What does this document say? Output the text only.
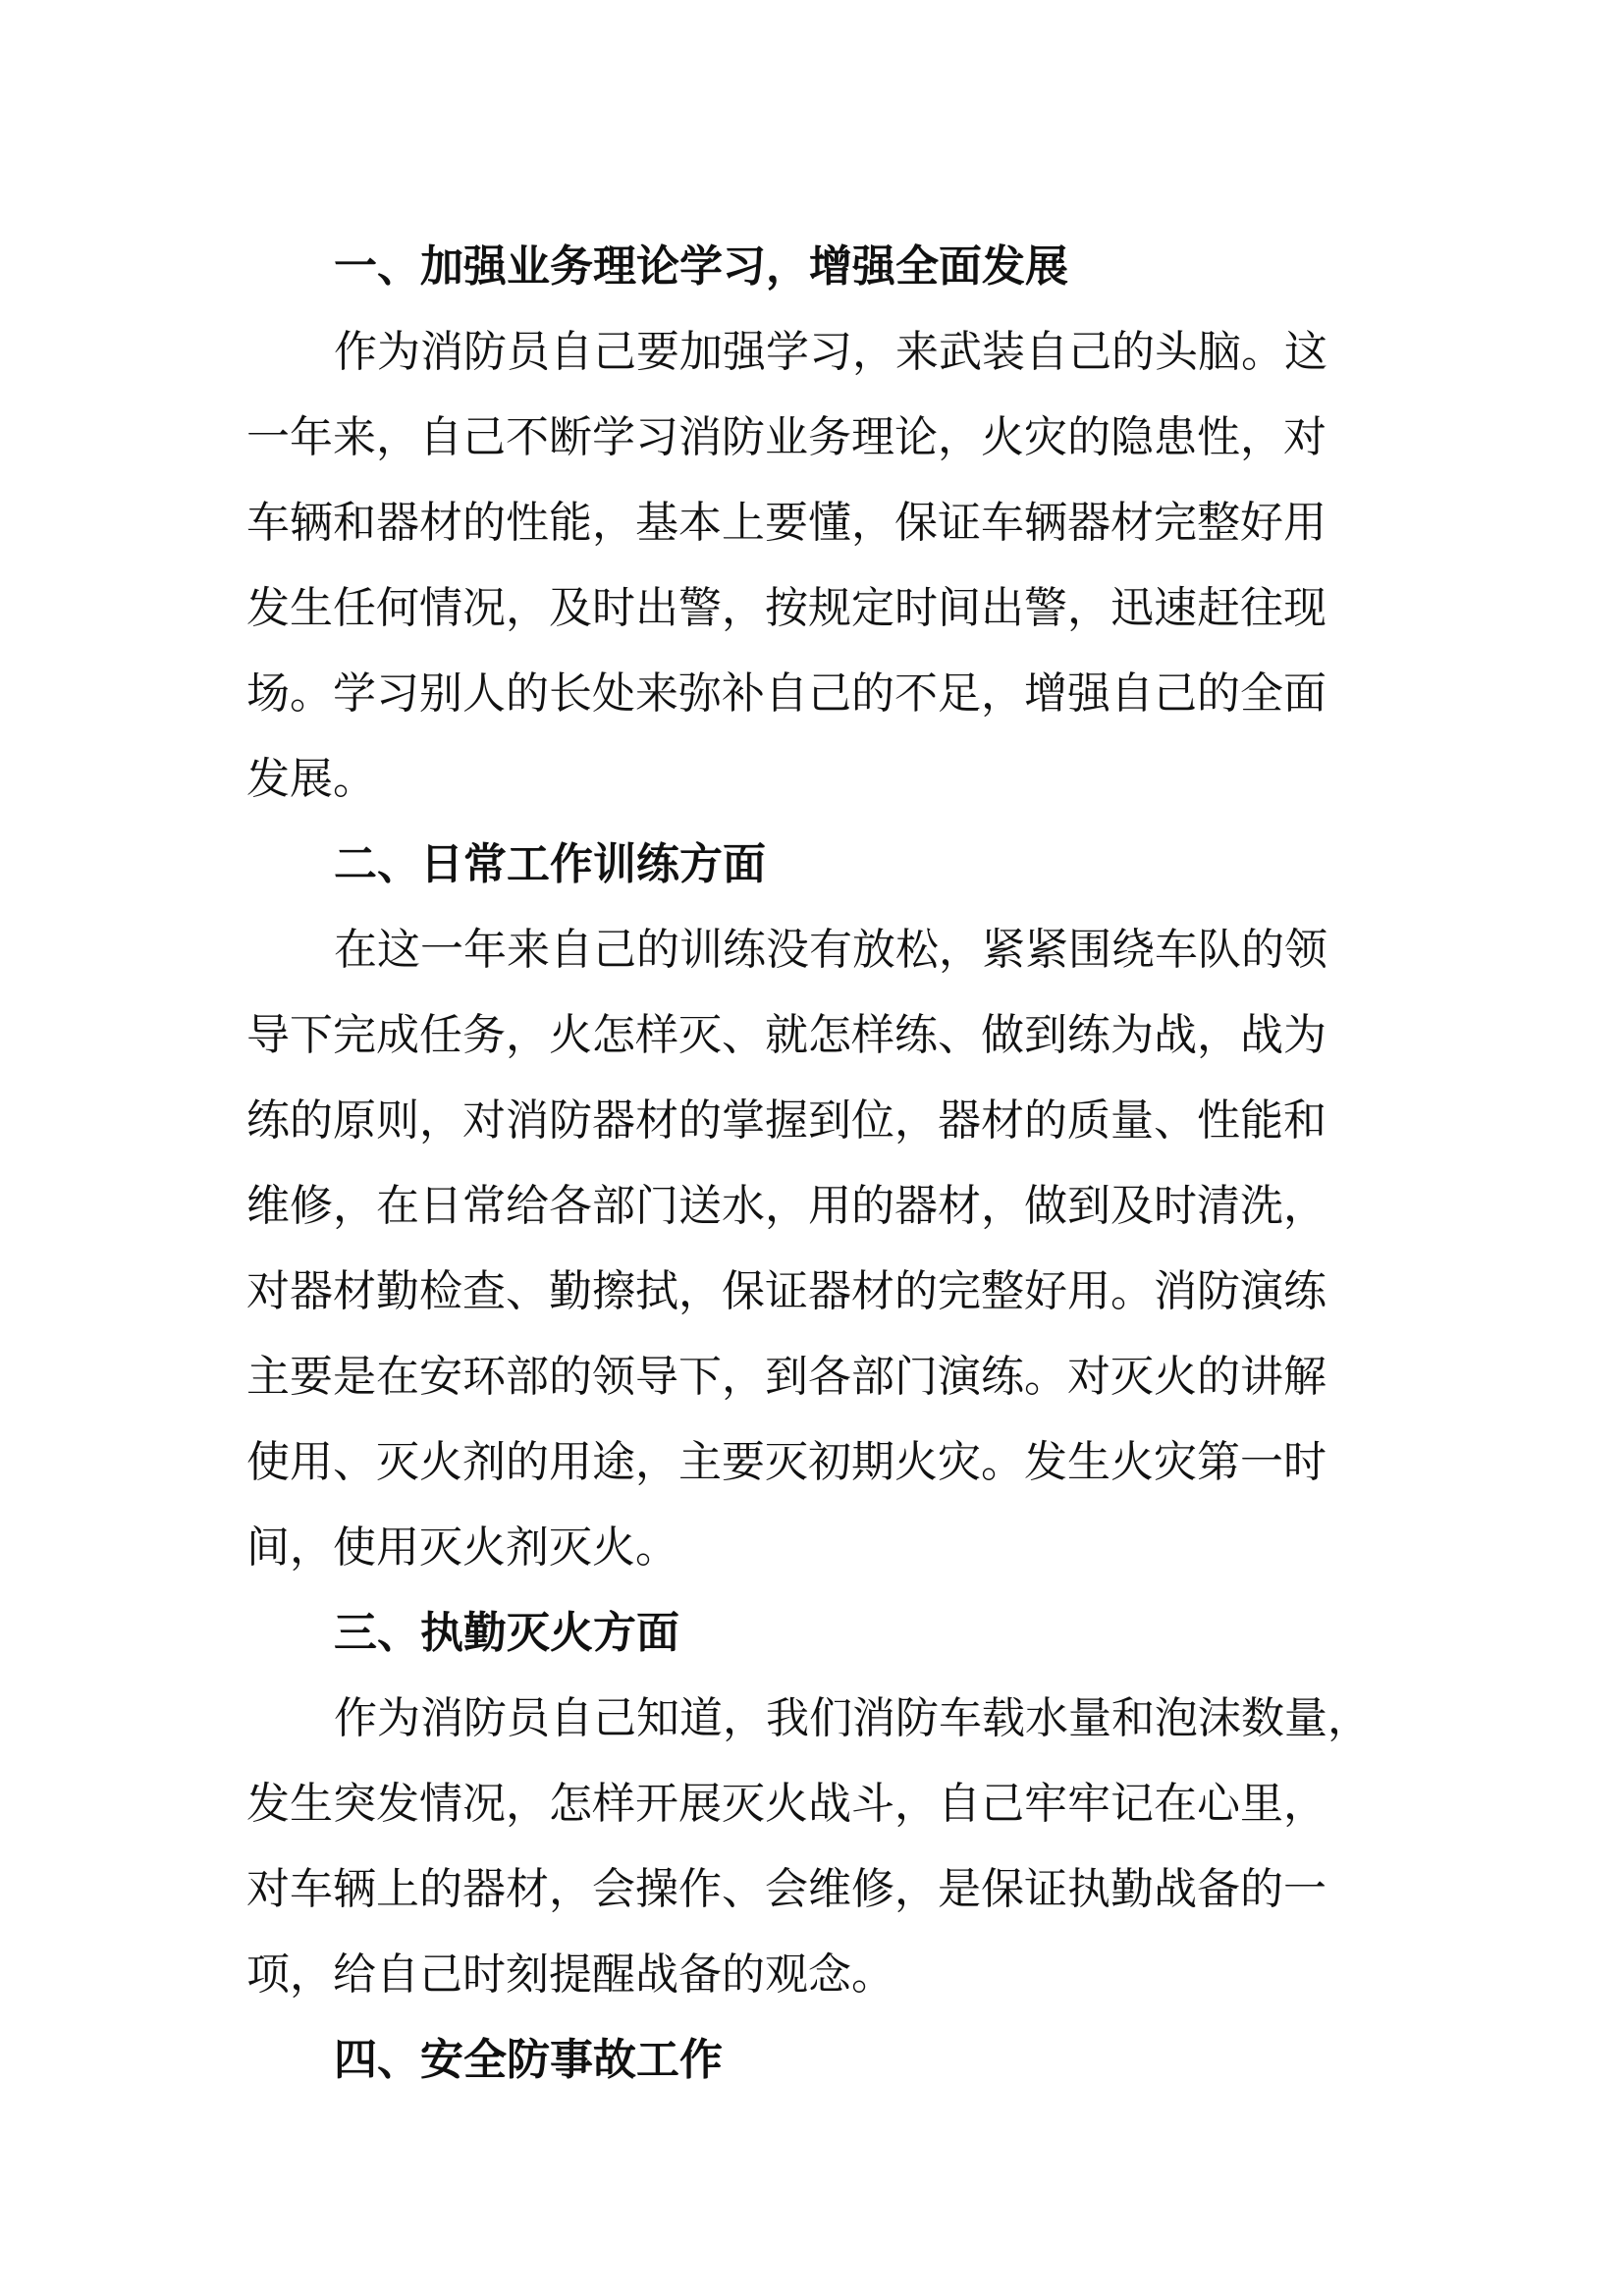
一、加强业务理论学习，增强全面发展
作为消防员自己要加强学习，来武装自己的头脑。这
一年来，自己不断学习消防业务理论，火灾的隐患性，对
车辆和器材的性能，基本上要懂，保证车辆器材完整好用
发生任何情况，及时出警，按规定时间出警，迅速赶往现
场。学习别人的长处来弥补自己的不足，增强自己的全面
发展。
二、日常工作训练方面
在这一年来自己的训练没有放松，紧紧围绕车队的领
导下完成任务，火怎样灭、就怎样练、做到练为战，战为
练的原则，对消防器材的掌握到位，器材的质量、性能和
维修，在日常给各部门送水，用的器材，做到及时清洗，
对器材勤检查、勤擦拭，保证器材的完整好用。消防演练
主要是在安环部的领导下，到各部门演练。对灭火的讲解
使用、灭火剂的用途，主要灭初期火灾。发生火灾第一时
间，使用灭火剂灭火。
三、执勤灭火方面
作为消防员自己知道，我们消防车载水量和泡沫数量，
发生突发情况，怎样开展灭火战斗，自己牢牢记在心里，
对车辆上的器材，会操作、会维修，是保证执勤战备的一
项，给自己时刻提醒战备的观念。
四、安全防事故工作
